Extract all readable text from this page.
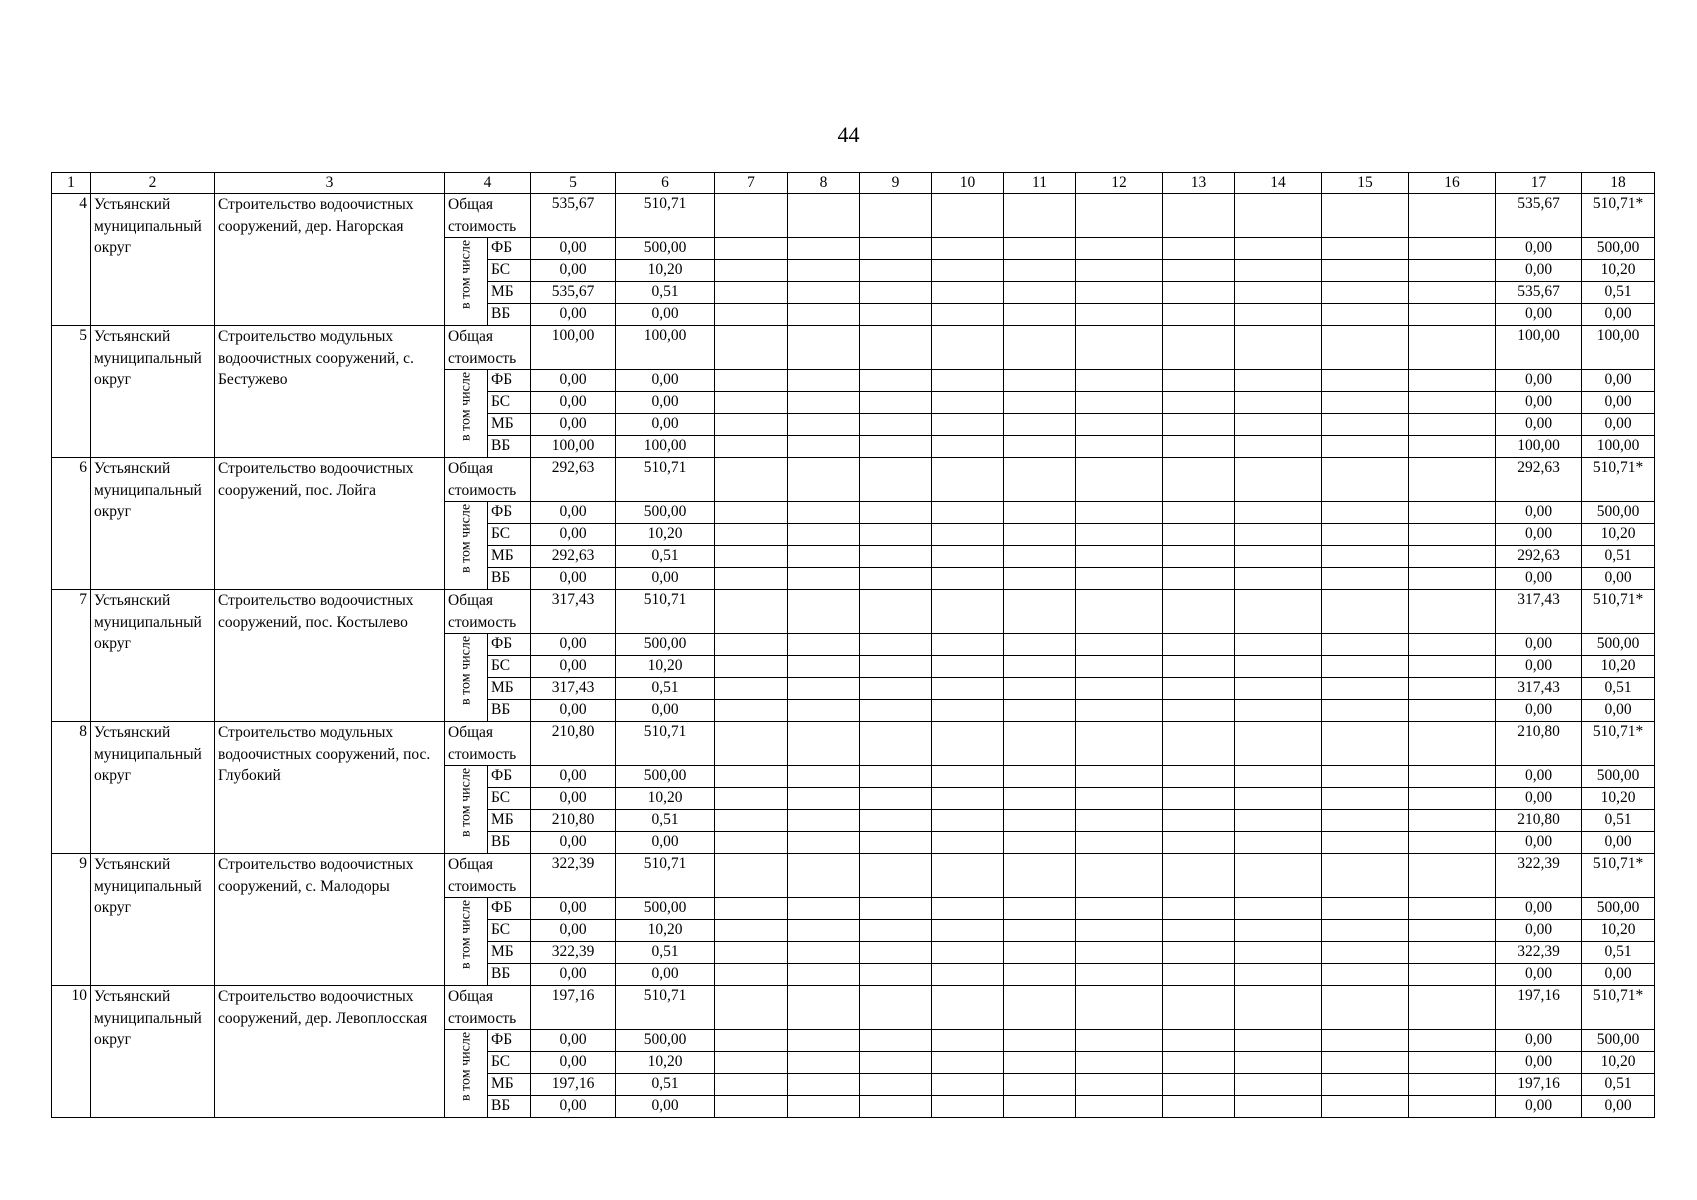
44
1	2	3	4		5	6	7	8	9	10	11	12	13	14	15	16	17	18
4	Устьянский муниципальный округ	Строительство водоочистных сооружений, дер. Нагорская	Общая стоимость		535,67	510,71											535,67	510,71*

			в том числе	ФБ	0,00	500,00											0,00	500,00
				БС	0,00	10,20											0,00	10,20
				МБ	535,67	0,51											535,67	0,51
				ВБ	0,00	0,00											0,00	0,00
5	Устьянский муниципальный округ	Строительство модульных водоочистных сооружений, с. Бестужево	Общая стоимость		100,00	100,00											100,00	100,00

			в том числе	ФБ	0,00	0,00											0,00	0,00
				БС	0,00	0,00											0,00	0,00
				МБ	0,00	0,00											0,00	0,00
				ВБ	100,00	100,00											100,00	100,00
6	Устьянский муниципальный округ	Строительство водоочистных сооружений, пос. Лойга	Общая стоимость		292,63	510,71											292,63	510,71*

			в том числе	ФБ	0,00	500,00											0,00	500,00
				БС	0,00	10,20											0,00	10,20
				МБ	292,63	0,51											292,63	0,51
				ВБ	0,00	0,00											0,00	0,00
7	Устьянский муниципальный округ	Строительство водоочистных сооружений, пос. Костылево	Общая стоимость		317,43	510,71											317,43	510,71*

			в том числе	ФБ	0,00	500,00											0,00	500,00
				БС	0,00	10,20											0,00	10,20
				МБ	317,43	0,51											317,43	0,51
				ВБ	0,00	0,00											0,00	0,00
8	Устьянский муниципальный округ	Строительство модульных водоочистных сооружений, пос. Глубокий	Общая стоимость		210,80	510,71											210,80	510,71*

			в том числе	ФБ	0,00	500,00											0,00	500,00
				БС	0,00	10,20											0,00	10,20
				МБ	210,80	0,51											210,80	0,51
				ВБ	0,00	0,00											0,00	0,00
9	Устьянский муниципальный округ	Строительство водоочистных сооружений, с. Малодоры	Общая стоимость		322,39	510,71											322,39	510,71*

			в том числе	ФБ	0,00	500,00											0,00	500,00
				БС	0,00	10,20											0,00	10,20
				МБ	322,39	0,51											322,39	0,51
				ВБ	0,00	0,00											0,00	0,00
10	Устьянский муниципальный округ	Строительство водоочистных сооружений, дер. Левоплосская	Общая стоимость		197,16	510,71											197,16	510,71*

			в том числе	ФБ	0,00	500,00											0,00	500,00
				БС	0,00	10,20											0,00	10,20
				МБ	197,16	0,51											197,16	0,51
				ВБ	0,00	0,00											0,00	0,00
